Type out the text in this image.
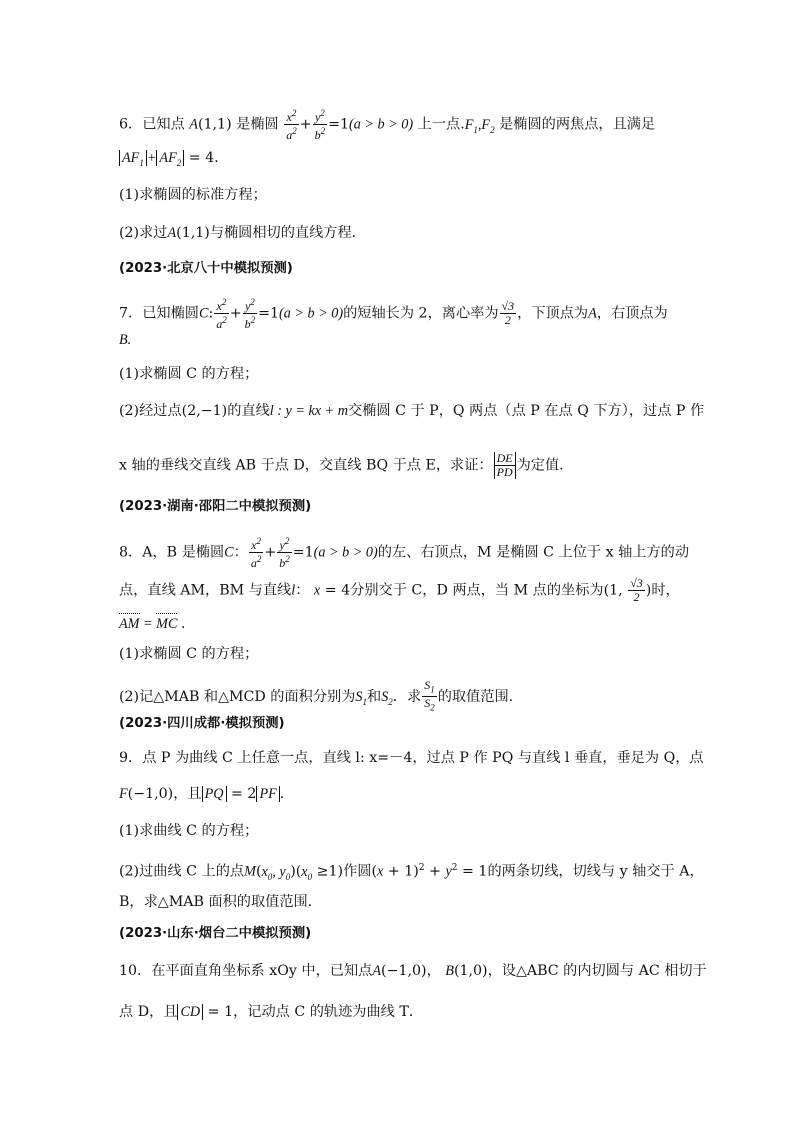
6．已知点 A(1,1) 是椭圆 $\frac{x^2}{a^2} + \frac{y^2}{b^2} =1(a > b > 0)$ 上一点$.F_1,F_2$ 是椭圆的两焦点，且满足
$AF_1 + AF_2 = 4$．
(1)求椭圆的标准方程；
(2)求过A(1,1)与椭圆相切的直线方程．
(2023·北京八十中模拟预测)
7．已知椭圆C: $\frac{x^2}{a^2} + \frac{y^2}{b^2} =1(a > b > 0)$的短轴长为 2，离心率为 $\frac{√3}{2}$ ，下顶点为A，右顶点为
B.
(1)求椭圆 C 的方程；
(2)经过点(2,−1)的直线l : y = kx + m交椭圆 C 于 P，Q 两点（点 P 在点 Q 下方），过点 P 作
x 轴的垂线交直线 AB 于点 D，交直线 BQ 于点 E，求证： $\frac{DE}{PD}$ 为定值.
(2023·湖南·邵阳二中模拟预测)
8．A，B 是椭圆C： $\frac{x^2}{a^2} + \frac{y^2}{b^2} =1(a > b > 0)$的左、右顶点，M 是椭圆 C 上位于 x 轴上方的动
点，直线 AM，BM 与直线l： x = 4分别交于 C，D 两点，当 M 点的坐标为(1, $\frac{√3}{2}$ )时，
AM = MC ．
(1)求椭圆 C 的方程；
(2)记△MAB 和△MCD 的面积分别为$S_1$和$S_2$．求 $\frac{S_1}{S_2}$ 的取值范围．
(2023·四川成都·模拟预测)
9．点 P 为曲线 C 上任意一点，直线 l: x=－4，过点 P 作 PQ 与直线 l 垂直，垂足为 Q，点
F(−1,0)，且 PQ = 2 PF ．
(1)求曲线 C 的方程；
(2)过曲线 C 上的点$M(x_0$, $y_0)(x_0 \ge 1)$作圆$(x + 1)^2 + y^2 = 1$的两条切线，切线与 y 轴交于 A，
B，求△MAB 面积的取值范围．
(2023·山东·烟台二中模拟预测)
10．在平面直角坐标系 xOy 中，已知点A(−1,0)， B(1,0)，设△ABC 的内切圆与 AC 相切于
点 D，且 CD = 1，记动点 C 的轨迹为曲线 T．
